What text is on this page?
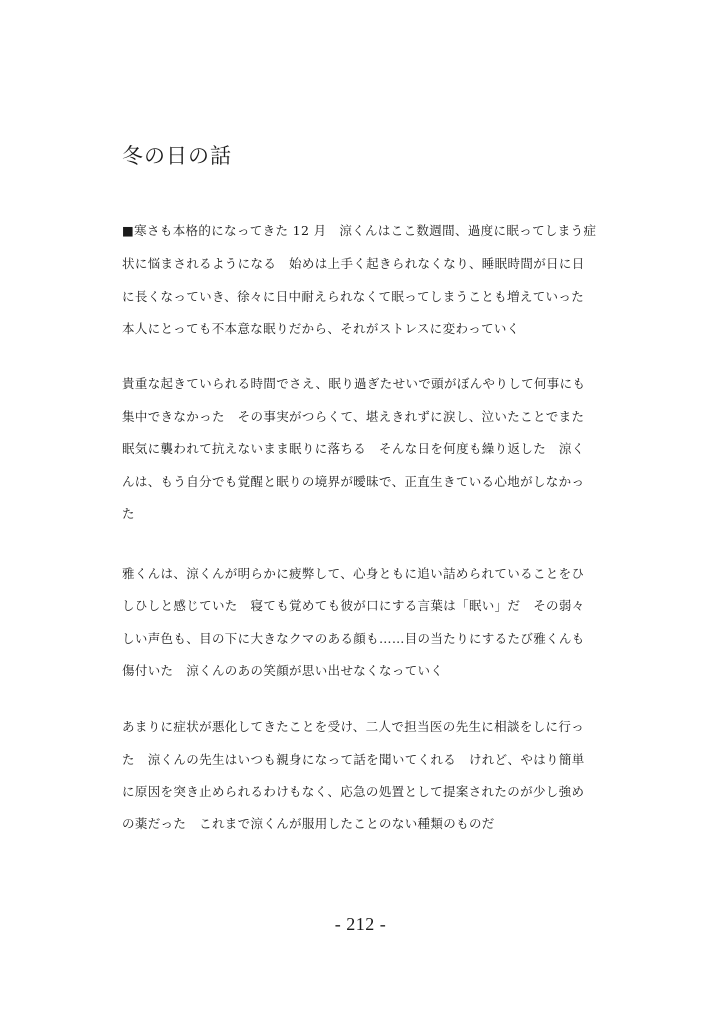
冬の日の話
■寒さも本格的になってきた 12 月　涼くんはここ数週間、過度に眠ってしまう症
状に悩まされるようになる　始めは上手く起きられなくなり、睡眠時間が日に日
に長くなっていき、徐々に日中耐えられなくて眠ってしまうことも増えていった
本人にとっても不本意な眠りだから、それがストレスに変わっていく
貴重な起きていられる時間でさえ、眠り過ぎたせいで頭がぼんやりして何事にも
集中できなかった　その事実がつらくて、堪えきれずに涙し、泣いたことでまた
眠気に襲われて抗えないまま眠りに落ちる　そんな日を何度も繰り返した　涼く
んは、もう自分でも覚醒と眠りの境界が曖昧で、正直生きている心地がしなかっ
た
雅くんは、涼くんが明らかに疲弊して、心身ともに追い詰められていることをひ
しひしと感じていた　寝ても覚めても彼が口にする言葉は「眠い」だ　その弱々
しい声色も、目の下に大きなクマのある顔も……目の当たりにするたび雅くんも
傷付いた　涼くんのあの笑顔が思い出せなくなっていく
あまりに症状が悪化してきたことを受け、二人で担当医の先生に相談をしに行っ
た　涼くんの先生はいつも親身になって話を聞いてくれる　けれど、やはり簡単
に原因を突き止められるわけもなく、応急の処置として提案されたのが少し強め
の薬だった　これまで涼くんが服用したことのない種類のものだ
- 212 -
